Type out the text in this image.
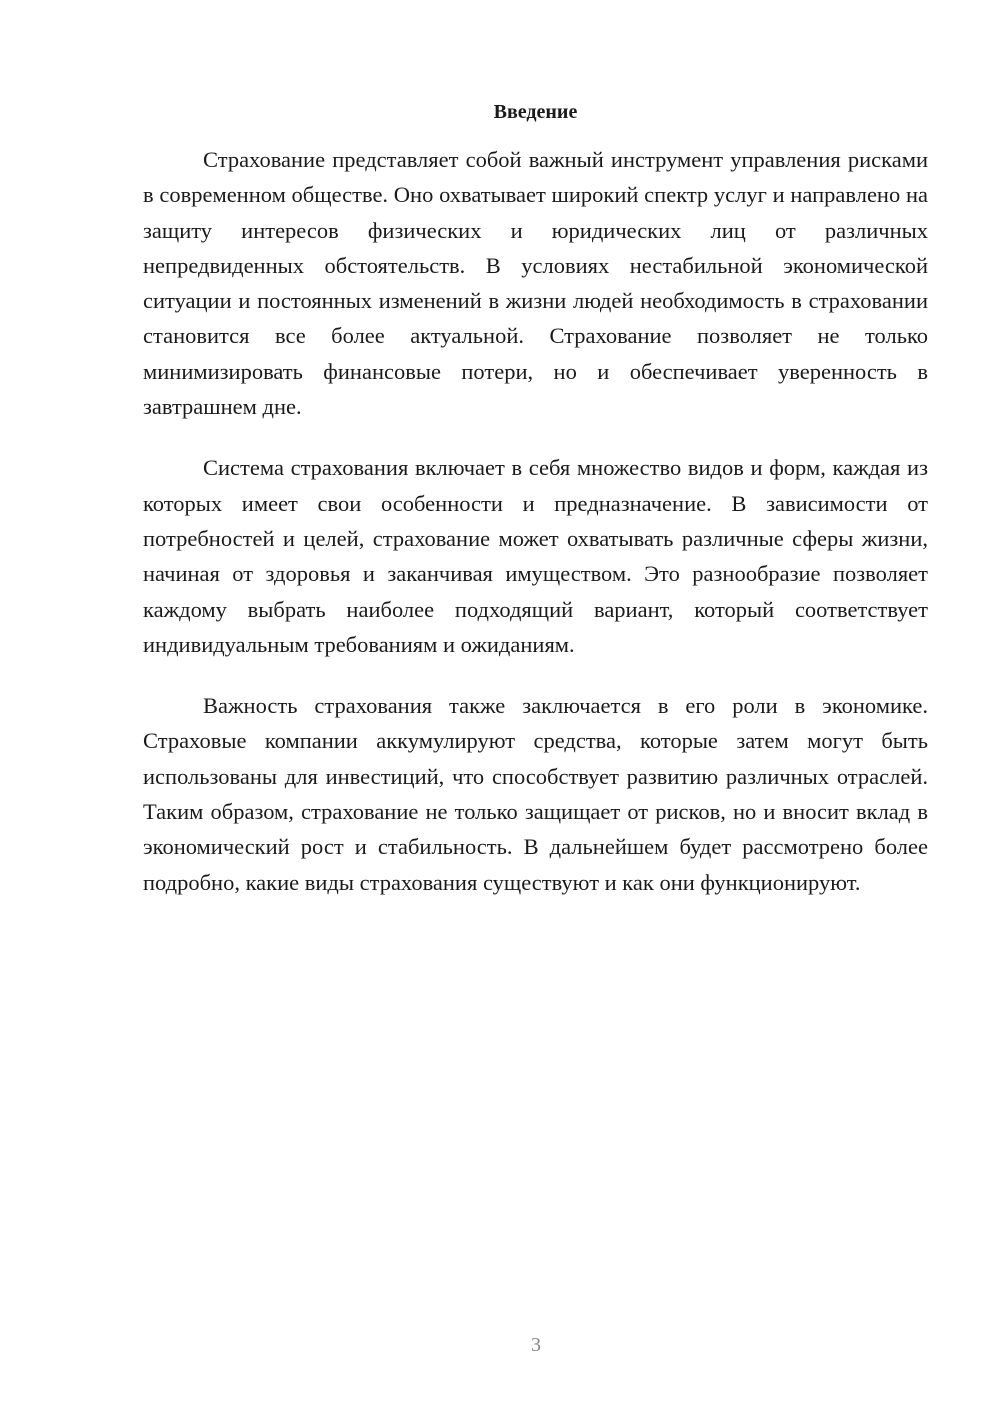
Введение

Страхование представляет собой важный инструмент управления рисками в современном обществе. Оно охватывает широкий спектр услуг и направлено на защиту интересов физических и юридических лиц от различных непредвиденных обстоятельств. В условиях нестабильной экономической ситуации и постоянных изменений в жизни людей необходимость в страховании становится все более актуальной. Страхование позволяет не только минимизировать финансовые потери, но и обеспечивает уверенность в завтрашнем дне.

Система страхования включает в себя множество видов и форм, каждая из которых имеет свои особенности и предназначение. В зависимости от потребностей и целей, страхование может охватывать различные сферы жизни, начиная от здоровья и заканчивая имуществом. Это разнообразие позволяет каждому выбрать наиболее подходящий вариант, который соответствует индивидуальным требованиям и ожиданиям.

Важность страхования также заключается в его роли в экономике. Страховые компании аккумулируют средства, которые затем могут быть использованы для инвестиций, что способствует развитию различных отраслей. Таким образом, страхование не только защищает от рисков, но и вносит вклад в экономический рост и стабильность. В дальнейшем будет рассмотрено более подробно, какие виды страхования существуют и как они функционируют.

3
